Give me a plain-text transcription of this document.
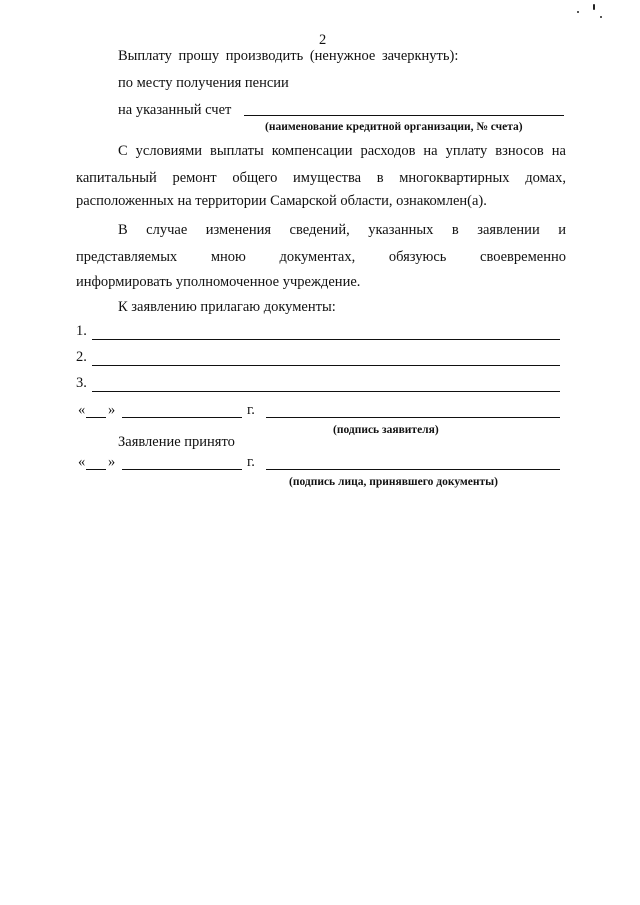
2
Выплату прошу производить (ненужное зачеркнуть):
по месту получения пенсии
на указанный счет
(наименование кредитной организации, № счета)
С условиями выплаты компенсации расходов на уплату взносов на
капитальный ремонт общего имущества в многоквартирных домах,
расположенных на территории Самарской области, ознакомлен(а).
В случае изменения сведений, указанных в заявлении и
представляемых мною документах, обязуюсь своевременно
информировать уполномоченное учреждение.
К заявлению прилагаю документы:
1.
2.
3.
« »	г.
(подпись заявителя)
Заявление принято
« »	г.
(подпись лица, принявшего документы)
